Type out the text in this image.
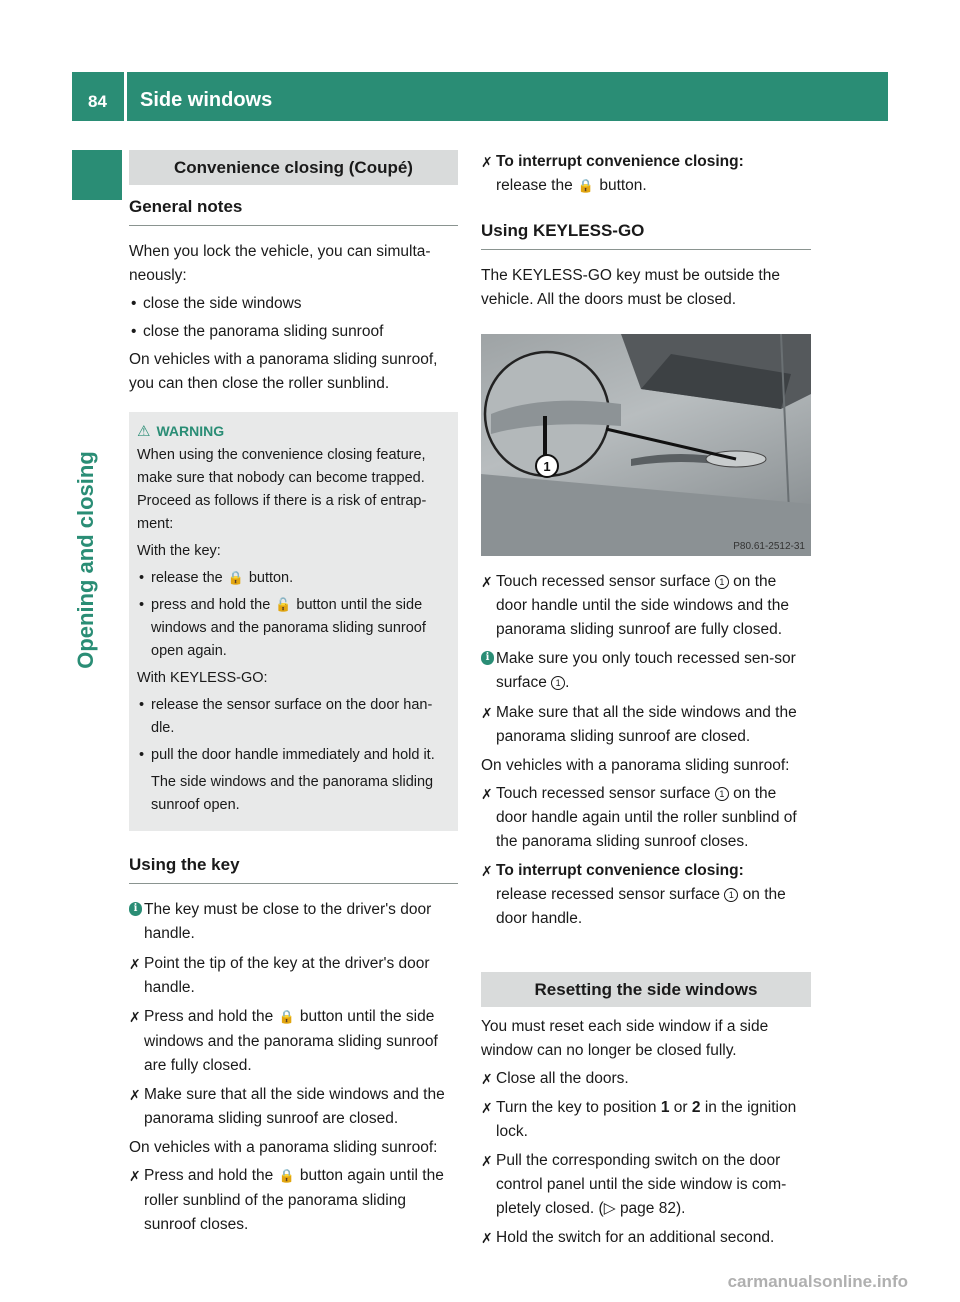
84 Side windows
Opening and closing
Convenience closing (Coupé)
General notes

When you lock the vehicle, you can simulta-neously:

• close the side windows
• close the panorama sliding sunroof

On vehicles with a panorama sliding sunroof, you can then close the roller sunblind.

⚠ WARNING

When using the convenience closing feature, make sure that nobody can become trapped. Proceed as follows if there is a risk of entrap-ment:

With the key:

• release the 🔒 button.
• press and hold the 🔓 button until the side windows and the panorama sliding sunroof open again.

With KEYLESS-GO:

• release the sensor surface on the door han-dle.
• pull the door handle immediately and hold it.
The side windows and the panorama sliding sunroof open.
Using the key
i The key must be close to the driver's door handle.
✗ Point the tip of the key at the driver's door handle.
✗ Press and hold the 🔒 button until the side windows and the panorama sliding sunroof are fully closed.
✗ Make sure that all the side windows and the panorama sliding sunroof are closed.

On vehicles with a panorama sliding sunroof:

✗ Press and hold the 🔒 button again until the roller sunblind of the panorama sliding sunroof closes.
✗ To interrupt convenience closing:
release the 🔒 button.
Using KEYLESS-GO

The KEYLESS-GO key must be outside the vehicle. All the doors must be closed.

1
P80.61-2512-31
✗ Touch recessed sensor surface 1 on the door handle until the side windows and the panorama sliding sunroof are fully closed.
i Make sure you only touch recessed sen-sor surface 1 .
✗ Make sure that all the side windows and the panorama sliding sunroof are closed.

On vehicles with a panorama sliding sunroof:

✗ Touch recessed sensor surface 1 on the door handle again until the roller sunblind of the panorama sliding sunroof closes.
✗ To interrupt convenience closing:
release recessed sensor surface 1 on the door handle.
Resetting the side windows

You must reset each side window if a side window can no longer be closed fully.

✗ Close all the doors.
✗ Turn the key to position 1 or 2 in the ignition lock.
✗ Pull the corresponding switch on the door control panel until the side window is com-pletely closed. (▷ page 82).
✗ Hold the switch for an additional second.
carmanualsonline.info
